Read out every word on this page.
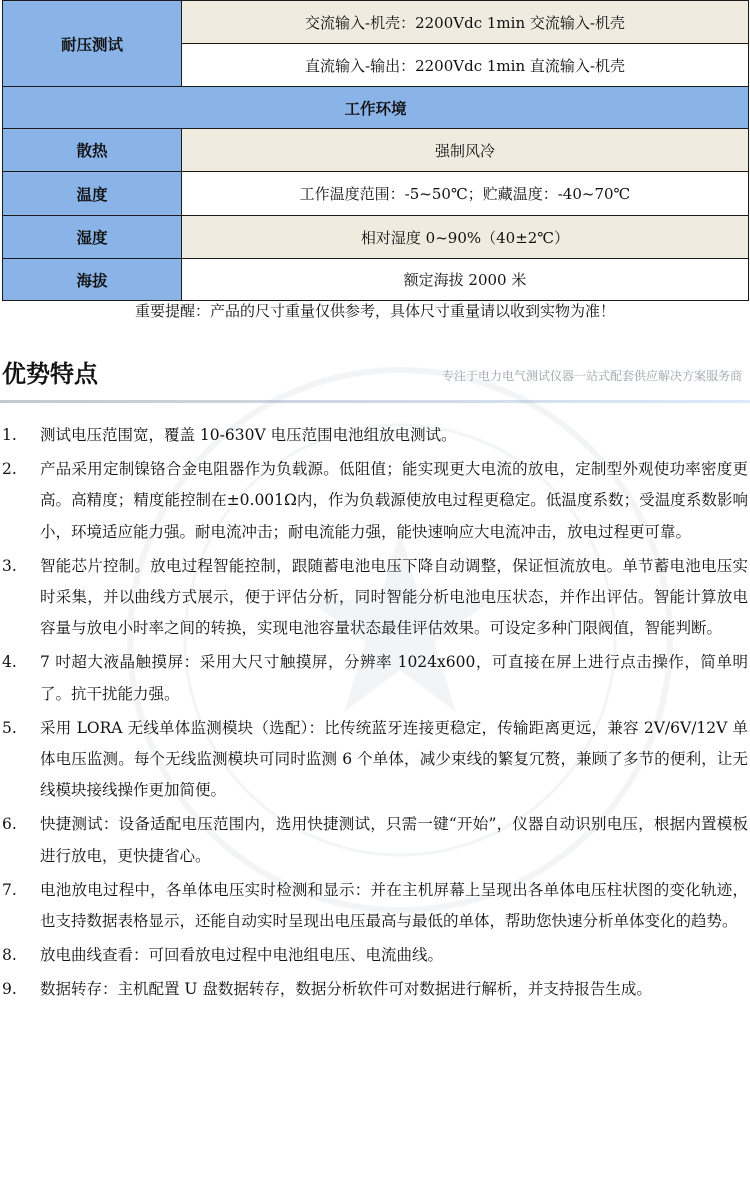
耐压测试	交流输入-机壳：2200Vdc 1min 交流输入-机壳
	直流输入-输出：2200Vdc 1min 直流输入-机壳
工作环境	
散热	强制风冷
温度	工作温度范围：-5~50℃；贮藏温度：-40~70℃
湿度	相对湿度 0~90%（40±2℃）
海拔	额定海拔 2000 米
重要提醒：产品的尺寸重量仅供参考，具体尺寸重量请以收到实物为准！
优势特点	专注于电力电气测试仪器一站式配套供应解决方案服务商
1. 测试电压范围宽，覆盖 10-630V 电压范围电池组放电测试。
2. 产品采用定制镍铬合金电阻器作为负载源。低阻值；能实现更大电流的放电，定制型外观使功率密度更高。高精度；精度能控制在±0.001Ω内，作为负载源使放电过程更稳定。低温度系数；受温度系数影响小，环境适应能力强。耐电流冲击；耐电流能力强，能快速响应大电流冲击，放电过程更可靠。
3. 智能芯片控制。放电过程智能控制，跟随蓄电池电压下降自动调整，保证恒流放电。单节蓄电池电压实时采集，并以曲线方式展示，便于评估分析，同时智能分析电池电压状态，并作出评估。智能计算放电容量与放电小时率之间的转换，实现电池容量状态最佳评估效果。可设定多种门限阀值，智能判断。
4. 7 吋超大液晶触摸屏：采用大尺寸触摸屏，分辨率 1024x600，可直接在屏上进行点击操作，简单明了。抗干扰能力强。
5. 采用 LORA 无线单体监测模块（选配）：比传统蓝牙连接更稳定，传输距离更远，兼容 2V/6V/12V 单体电压监测。每个无线监测模块可同时监测 6 个单体，减少束线的繁复冗赘，兼顾了多节的便利，让无线模块接线操作更加简便。
6. 快捷测试：设备适配电压范围内，选用快捷测试，只需一键“开始”，仪器自动识别电压，根据内置模板进行放电，更快捷省心。
7. 电池放电过程中，各单体电压实时检测和显示：并在主机屏幕上呈现出各单体电压柱状图的变化轨迹，也支持数据表格显示，还能自动实时呈现出电压最高与最低的单体，帮助您快速分析单体变化的趋势。
8. 放电曲线查看：可回看放电过程中电池组电压、电流曲线。
9. 数据转存：主机配置 U 盘数据转存，数据分析软件可对数据进行解析，并支持报告生成。
